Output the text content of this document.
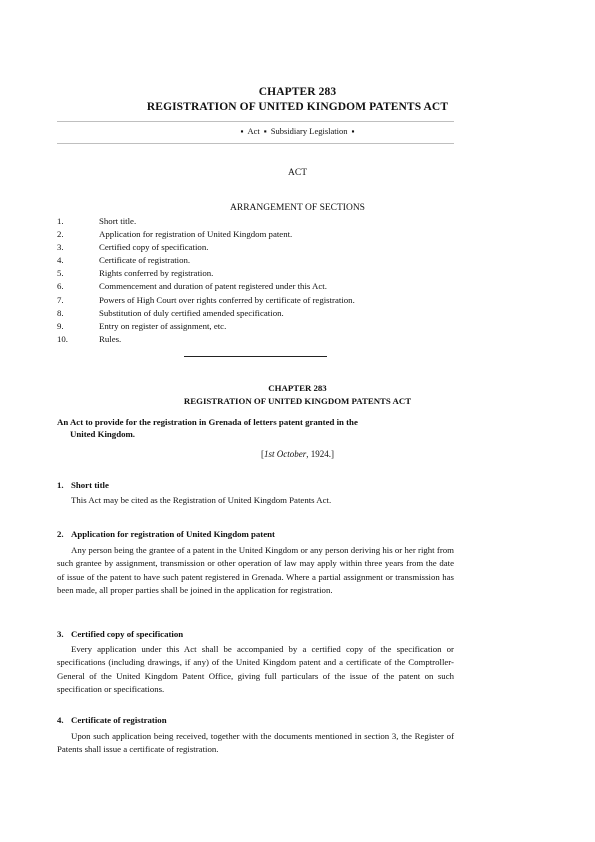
CHAPTER 283
REGISTRATION OF UNITED KINGDOM PATENTS ACT
▪ Act ▪ Subsidiary Legislation ▪
ACT
ARRANGEMENT OF SECTIONS
1.	Short title.
2.	Application for registration of United Kingdom patent.
3.	Certified copy of specification.
4.	Certificate of registration.
5.	Rights conferred by registration.
6.	Commencement and duration of patent registered under this Act.
7.	Powers of High Court over rights conferred by certificate of registration.
8.	Substitution of duly certified amended specification.
9.	Entry on register of assignment, etc.
10.	Rules.
CHAPTER 283
REGISTRATION OF UNITED KINGDOM PATENTS ACT
An Act to provide for the registration in Grenada of letters patent granted in the
United Kingdom.
[1st October, 1924.]
1. Short title

This Act may be cited as the Registration of United Kingdom Patents Act.

2. Application for registration of United Kingdom patent

Any person being the grantee of a patent in the United Kingdom or any person deriving his or her right from such grantee by assignment, transmission or other operation of law may apply within three years from the date of issue of the patent to have such patent registered in Grenada. Where a partial assignment or transmission has been made, all proper parties shall be joined in the application for registration.

3. Certified copy of specification

Every application under this Act shall be accompanied by a certified copy of the specification or specifications (including drawings, if any) of the United Kingdom patent and a certificate of the Comptroller-General of the United Kingdom Patent Office, giving full particulars of the issue of the patent on such specification or specifications.

4. Certificate of registration

Upon such application being received, together with the documents mentioned in section 3, the Register of Patents shall issue a certificate of registration.
